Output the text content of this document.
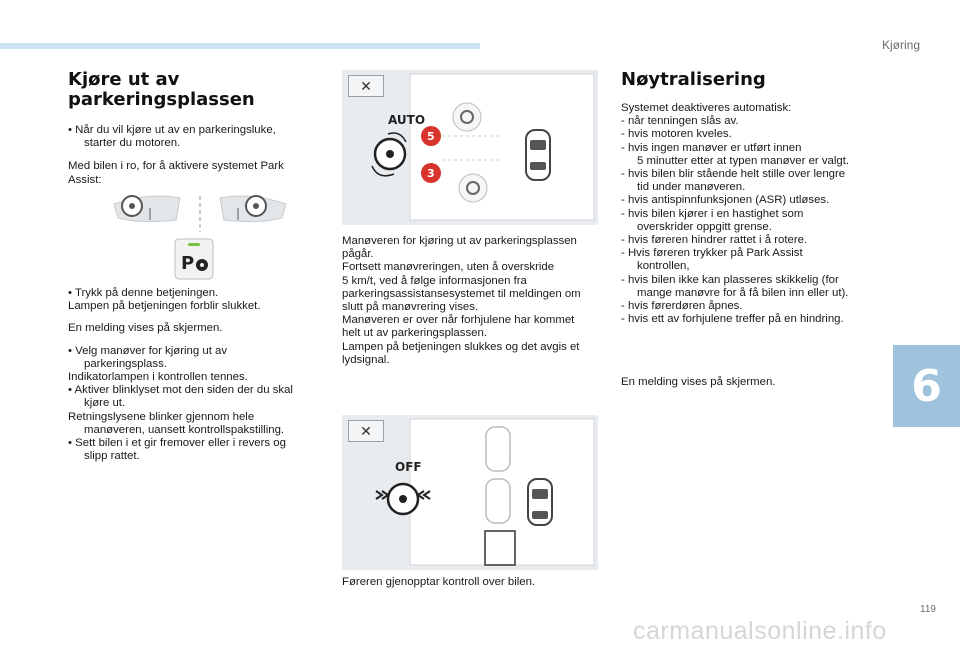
Kjøring
Kjøre ut av
parkeringsplassen
• Når du vil kjøre ut av en parkeringsluke,
starter du motoren.
Med bilen i ro, for å aktivere systemet Park
Assist:
P
• Trykk på denne betjeningen.
Lampen på betjeningen forblir slukket.
En melding vises på skjermen.
• Velg manøver for kjøring ut av
parkeringsplass.
Indikatorlampen i kontrollen tennes.
• Aktiver blinklyset mot den siden der du skal
kjøre ut.
Retningslysene blinker gjennom hele
manøveren, uansett kontrollspakstilling.
• Sett bilen i et gir fremover eller i revers og
slipp rattet.
✕
AUTO
5
3
Manøveren for kjøring ut av parkeringsplassen
pågår.
Fortsett manøvreringen, uten å overskride
5 km/t, ved å følge informasjonen fra
parkeringsassistansesystemet til meldingen om
slutt på manøvrering vises.
Manøveren er over når forhjulene har kommet
helt ut av parkeringsplassen.
Lampen på betjeningen slukkes og det avgis et
lydsignal.
✕
OFF
Føreren gjenopptar kontroll over bilen.
Nøytralisering
Systemet deaktiveres automatisk:
- når tenningen slås av.
- hvis motoren kveles.
- hvis ingen manøver er utført innen
5 minutter etter at typen manøver er valgt.
- hvis bilen blir stående helt stille over lengre
tid under manøveren.
- hvis antispinnfunksjonen (ASR) utløses.
- hvis bilen kjører i en hastighet som
overskrider oppgitt grense.
- hvis føreren hindrer rattet i å rotere.
- Hvis føreren trykker på Park Assist
kontrollen,
- hvis bilen ikke kan plasseres skikkelig (for
mange manøvre for å få bilen inn eller ut).
- hvis førerdøren åpnes.
- hvis ett av forhjulene treffer på en hindring.
En melding vises på skjermen.	6
119
carmanualsonline.info
